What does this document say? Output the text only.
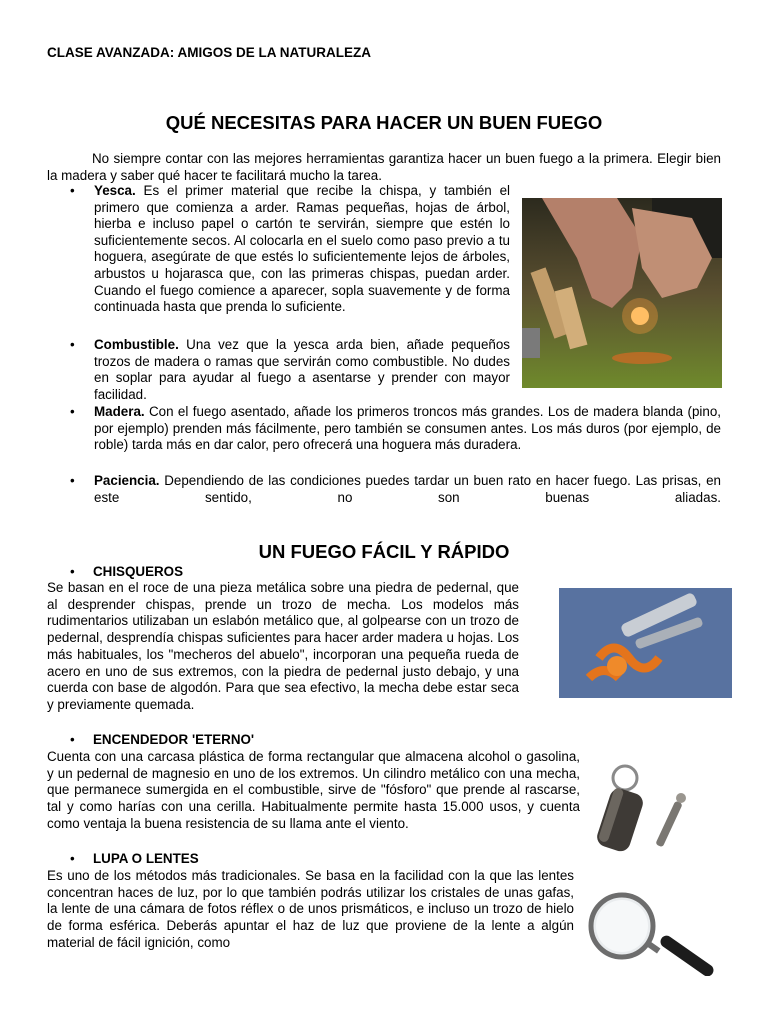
CLASE AVANZADA: AMIGOS DE LA NATURALEZA
QUÉ NECESITAS PARA HACER UN BUEN FUEGO

No siempre contar con las mejores herramientas garantiza hacer un buen fuego a la primera. Elegir bien la madera y saber qué hacer te facilitará mucho la tarea.

• Yesca. Es el primer material que recibe la chispa, y también el primero que comienza a arder. Ramas pequeñas, hojas de árbol, hierba e incluso papel o cartón te servirán, siempre que estén lo suficientemente secos. Al colocarla en el suelo como paso previo a tu hoguera, asegúrate de que estés lo suficientemente lejos de árboles, arbustos u hojarasca que, con las primeras chispas, puedan arder. Cuando el fuego comience a aparecer, sopla suavemente y de forma continuada hasta que prenda lo suficiente.
• Combustible. Una vez que la yesca arda bien, añade pequeños trozos de madera o ramas que servirán como combustible. No dudes en soplar para ayudar al fuego a asentarse y prender con mayor facilidad.
• Madera. Con el fuego asentado, añade los primeros troncos más grandes. Los de madera blanda (pino, por ejemplo) prenden más fácilmente, pero también se consumen antes. Los más duros (por ejemplo, de roble) tarda más en dar calor, pero ofrecerá una hoguera más duradera.
• Paciencia. Dependiendo de las condiciones puedes tardar un buen rato en hacer fuego. Las prisas, en este sentido, no son buenas aliadas.
UN FUEGO FÁCIL Y RÁPIDO
• CHISQUEROS

Se basan en el roce de una pieza metálica sobre una piedra de pedernal, que al desprender chispas, prende un trozo de mecha. Los modelos más rudimentarios utilizaban un eslabón metálico que, al golpearse con un trozo de pedernal, desprendía chispas suficientes para hacer arder madera u hojas. Los más habituales, los "mecheros del abuelo", incorporan una pequeña rueda de acero en uno de sus extremos, con la piedra de pedernal justo debajo, y una cuerda con base de algodón. Para que sea efectivo, la mecha debe estar seca y previamente quemada.

• ENCENDEDOR 'ETERNO'

Cuenta con una carcasa plástica de forma rectangular que almacena alcohol o gasolina, y un pedernal de magnesio en uno de los extremos. Un cilindro metálico con una mecha, que permanece sumergida en el combustible, sirve de "fósforo" que prende al rascarse, tal y como harías con una cerilla. Habitualmente permite hasta 15.000 usos, y cuenta como ventaja la buena resistencia de su llama ante el viento.

• LUPA O LENTES

Es uno de los métodos más tradicionales. Se basa en la facilidad con la que las lentes concentran haces de luz, por lo que también podrás utilizar los cristales de unas gafas, la lente de una cámara de fotos réflex o de unos prismáticos, e incluso un trozo de hielo de forma esférica. Deberás apuntar el haz de luz que proviene de la lente a algún material de fácil ignición, como
